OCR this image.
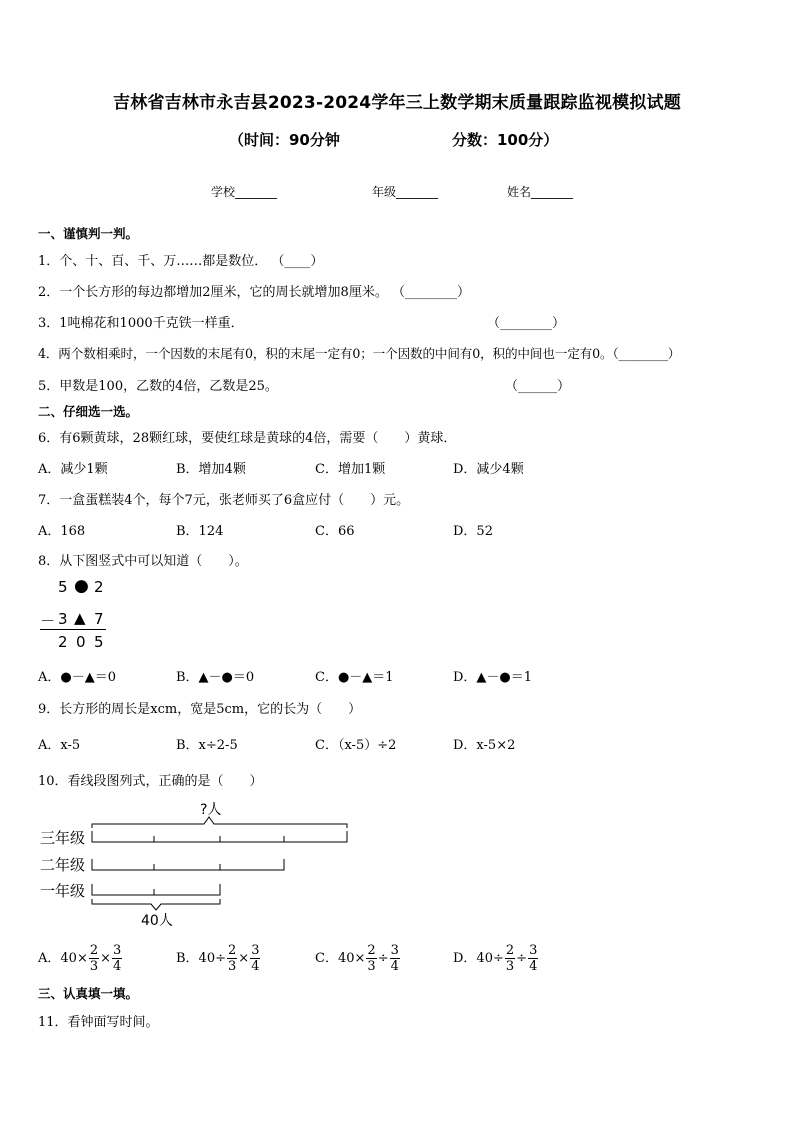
吉林省吉林市永吉县2023-2024学年三上数学期末质量跟踪监视模拟试题
（时间：90分钟	分数：100分）
学校_______	年级_______	姓名_______
一、谨慎判一判。
1．个、十、百、千、万……都是数位． （____）
2．一个长方形的每边都增加2厘米，它的周长就增加8厘米。 （________）
3．1吨棉花和1000千克铁一样重．	（________）
4．两个数相乘时，一个因数的末尾有0，积的末尾一定有0；一个因数的中间有0，积的中间也一定有0。（________）
5．甲数是100，乙数的4倍，乙数是25。	（______）
二、仔细选一选。
6．有6颗黄球，28颗红球，要使红球是黄球的4倍，需要（　　）黄球．
A．减少1颗	B．增加4颗	C．增加1颗	D．减少4颗
7．一盒蛋糕装4个，每个7元，张老师买了6盒应付（　　）元。
A．168	B．124	C．66	D．52
8．从下图竖式中可以知道（　　）。
5 ● 2
－ 3 ▲ 7
2 0 5
A．●－▲＝0	B．▲－●＝0	C．●－▲＝1	D．▲－●＝1
9．长方形的周长是xcm，宽是5cm，它的长为（　　）
A．x-5	B．x÷2-5	C．（x-5）÷2	D．x-5×2
10．看线段图列式，正确的是（　　）
?人
三年级
二年级
一年级
40人
A．$40\times \frac{2}{3} \times \frac{3}{4}$	B．$40\div \frac{2}{3} \times \frac{3}{4}$	C．$40\times \frac{2}{3} \div \frac{3}{4}$	D．$40\div \frac{2}{3} \div \frac{3}{4}$
三、认真填一填。
11．看钟面写时间。
